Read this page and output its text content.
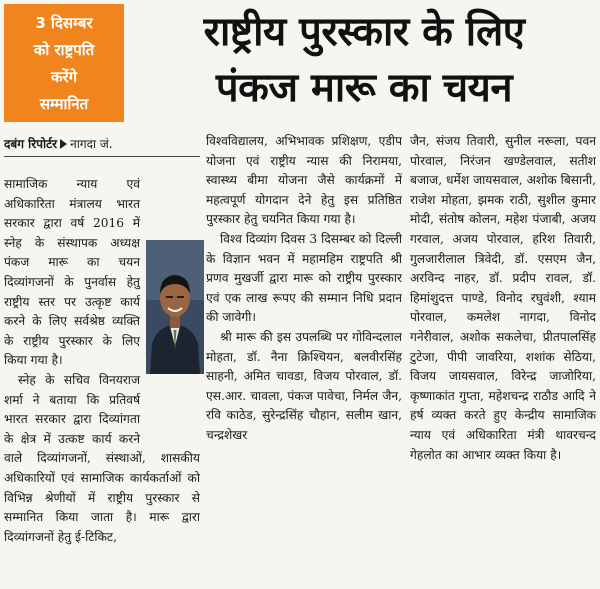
3 दिसम्बर
को राष्ट्रपति
करेंगे
सम्मानित
राष्ट्रीय पुरस्कार के लिए
पंकज मारू का चयन
दबंग रिपोर्टर नागदा जं.

सामाजिक न्याय एवं अधिकारिता मंत्रालय भारत सरकार द्वारा वर्ष 2016 में स्नेह के संस्थापक अध्यक्ष पंकज मारू का चयन दिव्यांगजनों के पुनर्वास हेतु राष्ट्रीय स्तर पर उत्कृष्ट कार्य करने के लिए सर्वश्रेष्ठ व्यक्ति के राष्ट्रीय पुरस्कार के लिए किया गया है।

स्नेह के सचिव विनयराज शर्मा ने बताया कि प्रतिवर्ष भारत सरकार द्वारा दिव्यांगता के क्षेत्र में उत्कष्ट कार्य करने वाले दिव्यांगजनों, संस्थाओं, शासकीय अधिकारियों एवं सामाजिक कार्यकर्ताओं को विभिन्न श्रेणीयों में राष्ट्रीय पुरस्कार से सम्मानित किया जाता है। मारू द्वारा दिव्यांगजनों हेतु ई-टिकिट,

विश्वविद्यालय, अभिभावक प्रशिक्षण, एडीप योजना एवं राष्ट्रीय न्यास की निरामया, स्वास्थ्य बीमा योजना जैसे कार्यक्रमों में महत्वपूर्ण योगदान देने हेतु इस प्रतिष्ठित पुरस्कार हेतु चयनित किया गया है।

विश्व दिव्यांग दिवस 3 दिसम्बर को दिल्ली के विज्ञान भवन में महामहिम राष्ट्रपति श्री प्रणव मुखर्जी द्वारा मारू को राष्ट्रीय पुरस्कार एवं एक लाख रूपए की सम्मान निधि प्रदान की जावेगी।

श्री मारू की इस उपलब्धि पर गोविन्दलाल मोहता, डॉ. नैना क्रिश्चियन, बलवीरसिंह साहनी, अमित चावडा, विजय पोरवाल, डॉ. एस.आर. चावला, पंकज पावेचा, निर्मल जैन, रवि काठेड, सुरेन्द्रसिंह चौहान, सलीम खान, चन्द्रशेखर

जैन, संजय तिवारी, सुनील नरूला, पवन पोरवाल, निरंजन खण्डेलवाल, सतीश बजाज, धर्मेश जायसवाल, अशोक बिसानी, राजेश मोहता, झमक राठी, सुशील कुमार मोदी, संतोष कोलन, महेश पंजाबी, अजय गरवाल, अजय पोरवाल, हरिश तिवारी, गुलजारीलाल त्रिवेदी, डॉ. एसएम जैन, अरविन्द नाहर, डॉ. प्रदीप रावल, डॉ. हिमांशुदत्त पाण्डे, विनोद रघुवंशी, श्याम पोरवाल, कमलेश नागदा, विनोद गनेरीवाल, अशोक सकलेचा, प्रीतपालसिंह टुटेजा, पीपी जावरिया, शशांक सेठिया, विजय जायसवाल, विरेन्द्र जाजोरिया, कृष्णाकांत गुप्ता, महेशचन्द्र राठौड आदि ने हर्ष व्यक्त करते हुए केन्द्रीय सामाजिक न्याय एवं अधिकारिता मंत्री थावरचन्द गेहलोत का आभार व्यक्त किया है।
